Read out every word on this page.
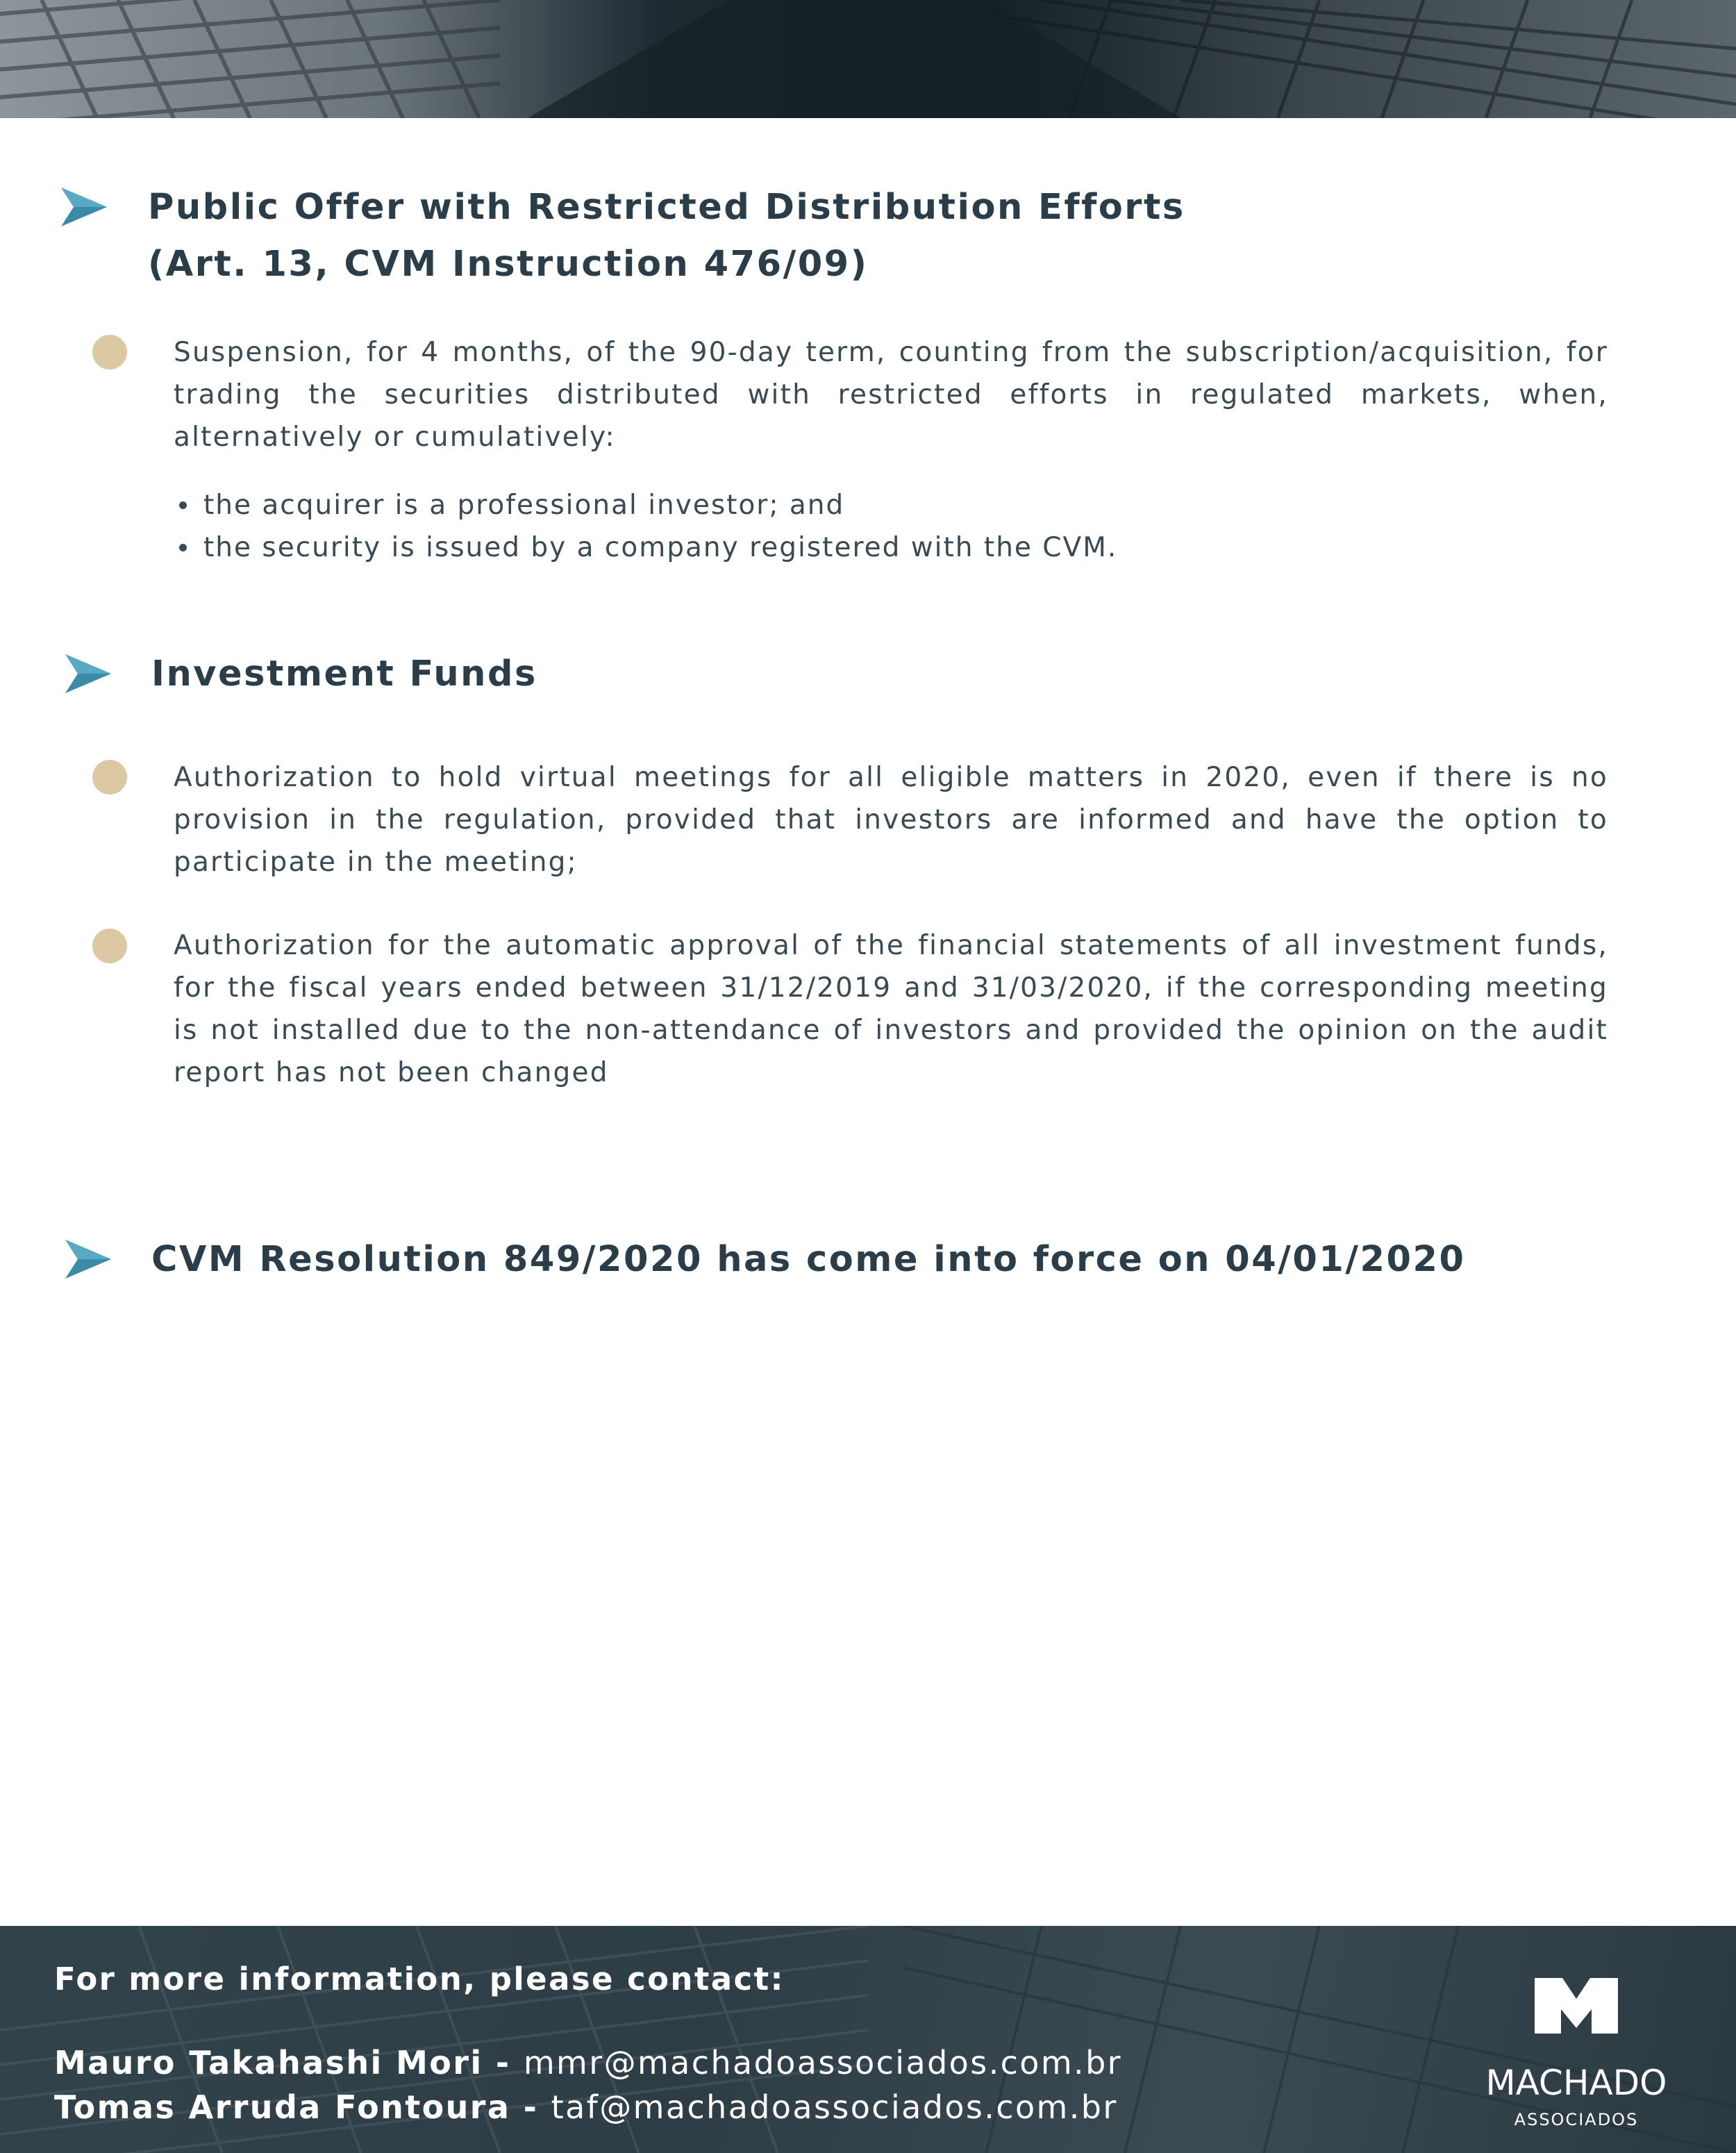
Public Offer with Restricted Distribution Efforts
(Art. 13, CVM Instruction 476/09)
Suspension, for 4 months, of the 90-day term, counting from the subscription/acquisition, for trading the securities distributed with restricted efforts in regulated markets, when, alternatively or cumulatively:
the acquirer is a professional investor; and
the security is issued by a company registered with the CVM.
Investment Funds
Authorization to hold virtual meetings for all eligible matters in 2020, even if there is no provision in the regulation, provided that investors are informed and have the option to participate in the meeting;
Authorization for the automatic approval of the financial statements of all investment funds, for the fiscal years ended between 31/12/2019 and 31/03/2020, if the corresponding meeting is not installed due to the non-attendance of investors and provided the opinion on the audit report has not been changed
CVM Resolution 849/2020 has come into force on 04/01/2020
For more information, please contact:
Mauro Takahashi Mori - mmr@machadoassociados.com.br
Tomas Arruda Fontoura - taf@machadoassociados.com.br
MACHADO
ASSOCIADOS
